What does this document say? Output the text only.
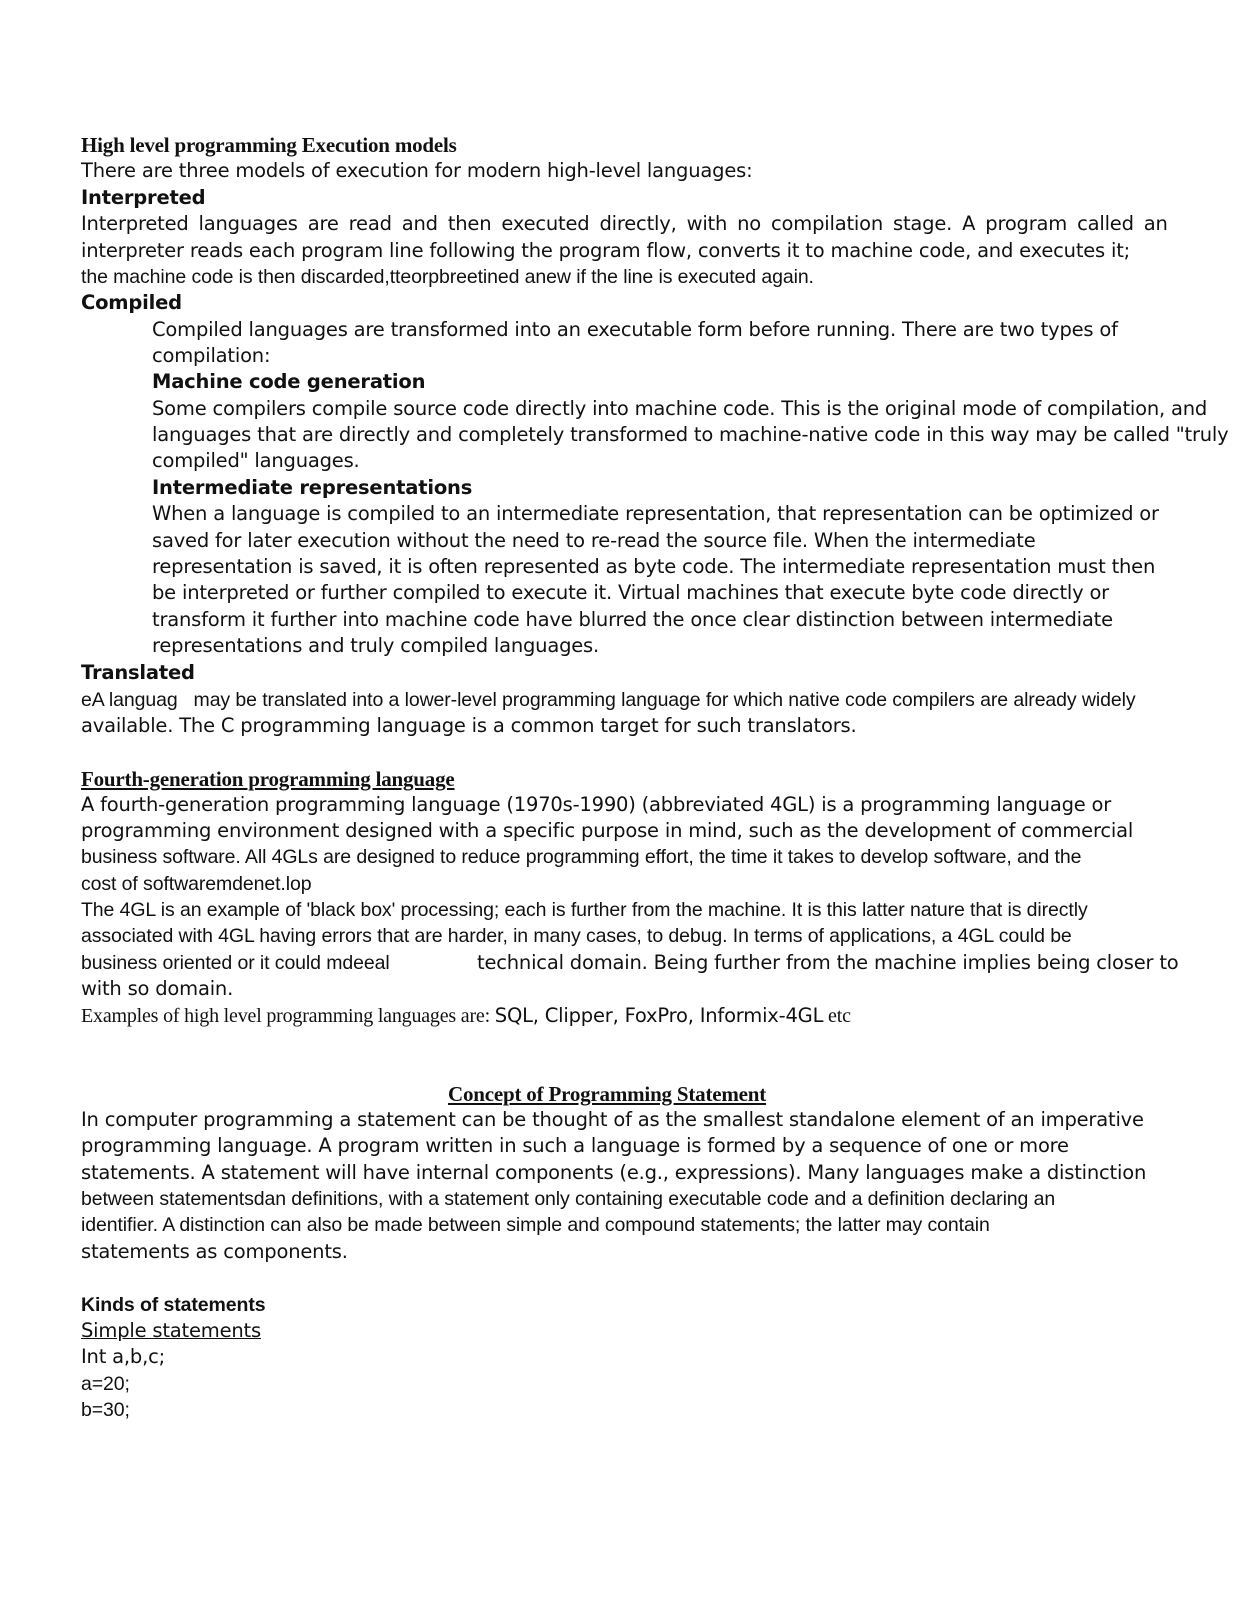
High level programming Execution models
There are three models of execution for modern high-level languages:
Interpreted
Interpreted languages are read and then executed directly, with no compilation stage. A program called an
interpreter reads each program line following the program flow, converts it to machine code, and executes it;
the machine code is then discarded,tteorpbreetined anew if the line is executed again.
Compiled
Compiled languages are transformed into an executable form before running. There are two types of
compilation:
Machine code generation
Some compilers compile source code directly into machine code. This is the original mode of compilation, and
languages that are directly and completely transformed to machine-native code in this way may be called "truly
compiled" languages.
Intermediate representations
When a language is compiled to an intermediate representation, that representation can be optimized or
saved for later execution without the need to re-read the source file. When the intermediate
representation is saved, it is often represented as byte code. The intermediate representation must then
be interpreted or further compiled to execute it. Virtual machines that execute byte code directly or
transform it further into machine code have blurred the once clear distinction between intermediate
representations and truly compiled languages.
Translated
eA languag   may be translated into a lower-level programming language for which native code compilers are already widely
available. The C programming language is a common target for such translators.
Fourth-generation programming language
A fourth-generation programming language (1970s-1990) (abbreviated 4GL) is a programming language or
programming environment designed with a specific purpose in mind, such as the development of commercial
business software. All 4GLs are designed to reduce programming effort, the time it takes to develop software, and the
cost of softwaremdenet.lop
The 4GL is an example of 'black box' processing; each is further from the machine. It is this latter nature that is directly
associated with 4GL having errors that are harder, in many cases, to debug. In terms of applications, a 4GL could be
business oriented or it could mdeeal	technical domain. Being further from the machine implies being closer to
with so domain.
Examples of high level programming languages are: SQL, Clipper, FoxPro, Informix-4GL etc
Concept of Programming Statement
In computer programming a statement can be thought of as the smallest standalone element of an imperative
programming language. A program written in such a language is formed by a sequence of one or more
statements. A statement will have internal components (e.g., expressions). Many languages make a distinction
between statementsdan definitions, with a statement only containing executable code and a definition declaring an
identifier. A distinction can also be made between simple and compound statements; the latter may contain
statements as components.
Kinds of statements
Simple statements
Int a,b,c;
a=20;
b=30;
